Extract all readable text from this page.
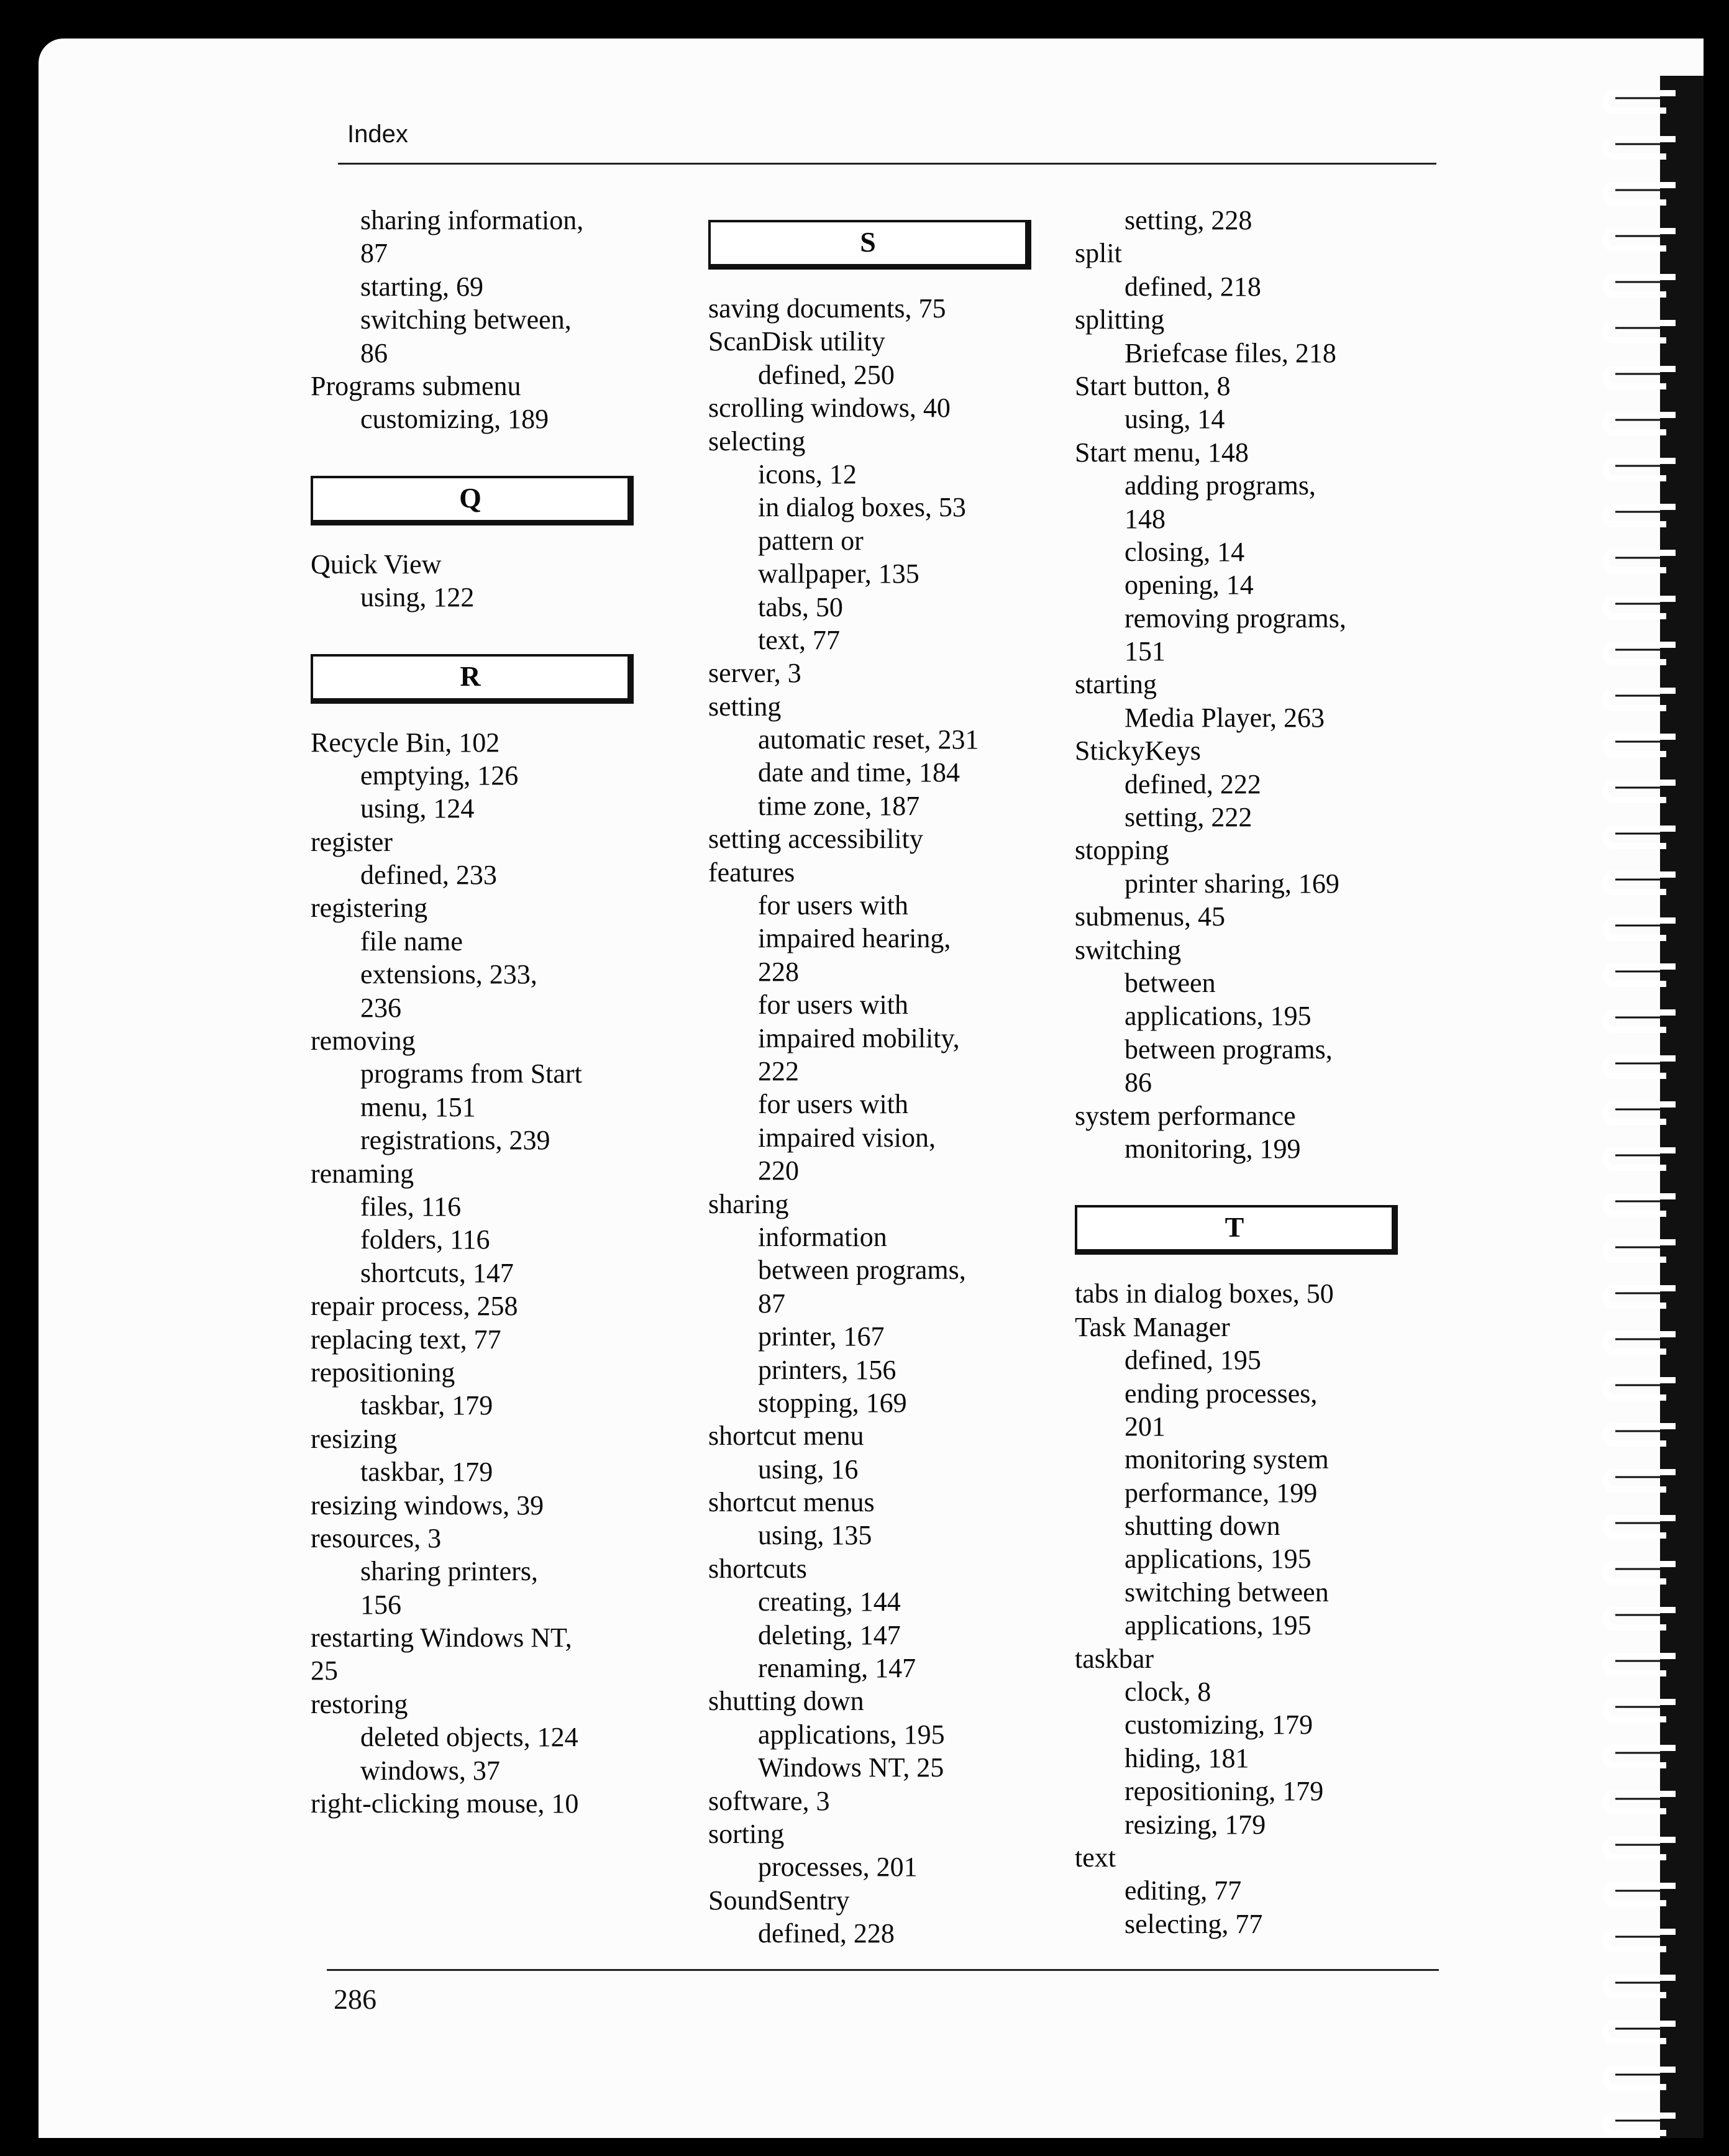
Index
sharing information,
87
starting, 69
switching between,
86
Programs submenu
customizing, 189
Q
Quick View
using, 122
R
Recycle Bin, 102
emptying, 126
using, 124
register
defined, 233
registering
file name
extensions, 233,
236
removing
programs from Start
menu, 151
registrations, 239
renaming
files, 116
folders, 116
shortcuts, 147
repair process, 258
replacing text, 77
repositioning
taskbar, 179
resizing
taskbar, 179
resizing windows, 39
resources, 3
sharing printers,
156
restarting Windows NT,
25
restoring
deleted objects, 124
windows, 37
right-clicking mouse, 10
S
saving documents, 75
ScanDisk utility
defined, 250
scrolling windows, 40
selecting
icons, 12
in dialog boxes, 53
pattern or
wallpaper, 135
tabs, 50
text, 77
server, 3
setting
automatic reset, 231
date and time, 184
time zone, 187
setting accessibility
features
for users with
impaired hearing,
228
for users with
impaired mobility,
222
for users with
impaired vision,
220
sharing
information
between programs,
87
printer, 167
printers, 156
stopping, 169
shortcut menu
using, 16
shortcut menus
using, 135
shortcuts
creating, 144
deleting, 147
renaming, 147
shutting down
applications, 195
Windows NT, 25
software, 3
sorting
processes, 201
SoundSentry
defined, 228
setting, 228
split
defined, 218
splitting
Briefcase files, 218
Start button, 8
using, 14
Start menu, 148
adding programs,
148
closing, 14
opening, 14
removing programs,
151
starting
Media Player, 263
StickyKeys
defined, 222
setting, 222
stopping
printer sharing, 169
submenus, 45
switching
between
applications, 195
between programs,
86
system performance
monitoring, 199
T
tabs in dialog boxes, 50
Task Manager
defined, 195
ending processes,
201
monitoring system
performance, 199
shutting down
applications, 195
switching between
applications, 195
taskbar
clock, 8
customizing, 179
hiding, 181
repositioning, 179
resizing, 179
text
editing, 77
selecting, 77
286
